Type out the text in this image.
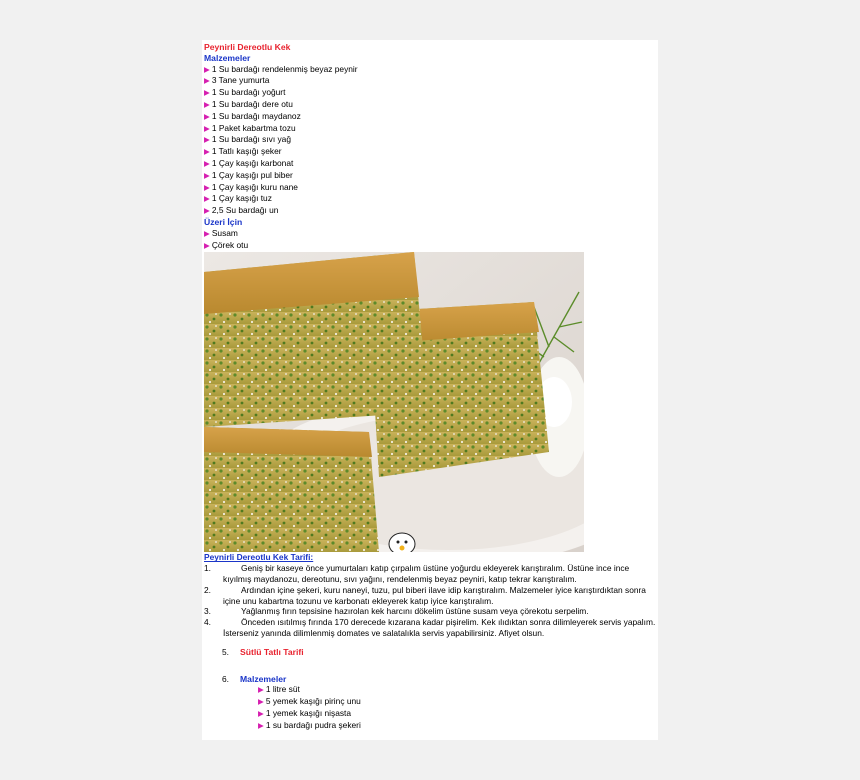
Peynirli Dereotlu Kek
Malzemeler
▶ 1 Su bardağı rendelenmiş beyaz peynir
▶ 3 Tane yumurta
▶ 1 Su bardağı yoğurt
▶ 1 Su bardağı dere otu
▶ 1 Su bardağı maydanoz
▶ 1 Paket kabartma tozu
▶ 1 Su bardağı sıvı yağ
▶ 1 Tatlı kaşığı şeker
▶ 1 Çay kaşığı karbonat
▶ 1 Çay kaşığı pul biber
▶ 1 Çay kaşığı kuru nane
▶ 1 Çay kaşığı tuz
▶ 2,5 Su bardağı un
Üzeri İçin
▶ Susam
▶ Çörek otu
Peynirli Dereotlu Kek Tarifi:
1.	Geniş bir kaseye önce yumurtaları katıp çırpalım üstüne yoğurdu ekleyerek karıştıralım. Üstüne ince ince kıyılmış maydanozu, dereotunu, sıvı yağını, rendelenmiş beyaz peyniri, katıp tekrar karıştıralım.
2.	Ardından içine şekeri, kuru naneyi, tuzu, pul biberi ilave idip karıştıralım. Malzemeler iyice karıştırdıktan sonra içine unu kabartma tozunu ve karbonatı ekleyerek katıp iyice karıştıralım.
3.	Yağlanmış fırın tepsisine hazırolan kek harcını dökelim üstüne susam veya çörekotu serpelim.
4.	Önceden ısıtılmış fırında 170 derecede kızarana kadar pişirelim. Kek ılıdıktan sonra dilimleyerek servis yapalım. İsterseniz yanında dilimlenmiş domates ve salatalıkla servis yapabilirsiniz. Afiyet olsun.
5.	Sütlü Tatlı Tarifi
6.	Malzemeler
▶ 1 litre süt
▶ 5 yemek kaşığı pirinç unu
▶ 1 yemek kaşığı nişasta
▶ 1 su bardağı pudra şekeri
